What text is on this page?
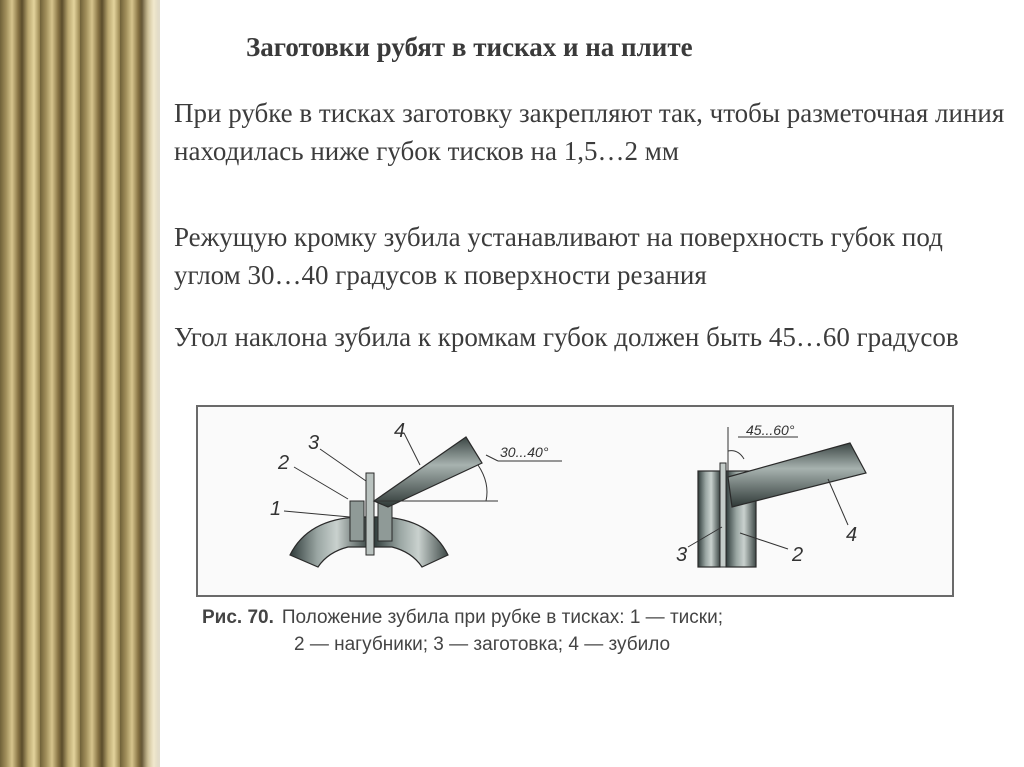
Заготовки рубят в тисках и на плите
При рубке в тисках заготовку закрепляют так, чтобы разметочная линия находилась ниже губок тисков на 1,5…2 мм
Режущую кромку зубила устанавливают на поверхность губок под углом 30…40 градусов к поверхности резания
Угол наклона зубила к кромкам губок должен быть 45…60 градусов
1
2
3
4
30...40°
3	2
4
45...60°
Рис. 70. Положение зубила при рубке в тисках: 1 — тиски;
2 — нагубники; 3 — заготовка; 4 — зубило
